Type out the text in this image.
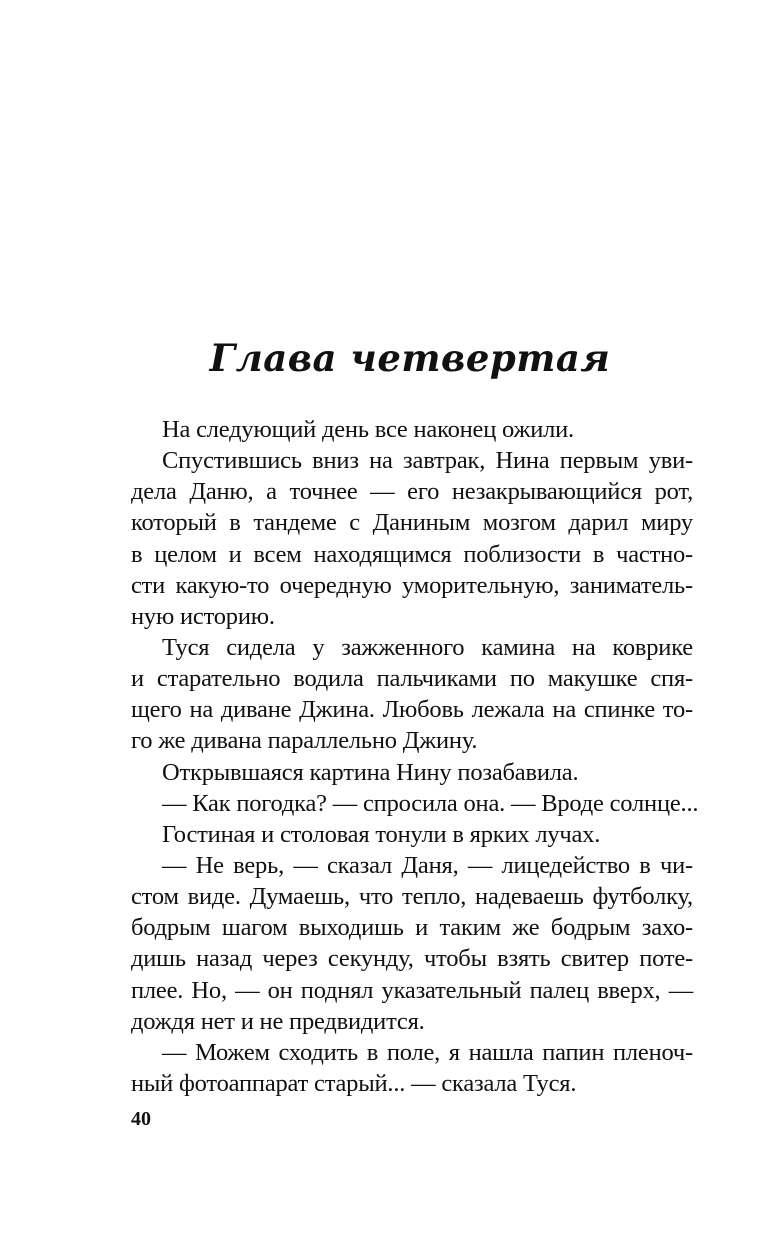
Глава четвертая
На следующий день все наконец ожили.
Спустившись вниз на завтрак, Нина первым уви-
дела Даню, а точнее — его незакрывающийся рот,
который в тандеме с Даниным мозгом дарил миру
в целом и всем находящимся поблизости в частно-
сти какую-то очередную уморительную, заниматель-
ную историю.
Туся сидела у зажженного камина на коврике
и старательно водила пальчиками по макушке спя-
щего на диване Джина. Любовь лежала на спинке то-
го же дивана параллельно Джину.
Открывшаяся картина Нину позабавила.
— Как погодка? — спросила она. — Вроде солнце...
Гостиная и столовая тонули в ярких лучах.
— Не верь, — сказал Даня, — лицедейство в чи-
стом виде. Думаешь, что тепло, надеваешь футболку,
бодрым шагом выходишь и таким же бодрым захо-
дишь назад через секунду, чтобы взять свитер поте-
плее. Но, — он поднял указательный палец вверх, —
дождя нет и не предвидится.
— Можем сходить в поле, я нашла папин пленоч-
ный фотоаппарат старый... — сказала Туся.
40
